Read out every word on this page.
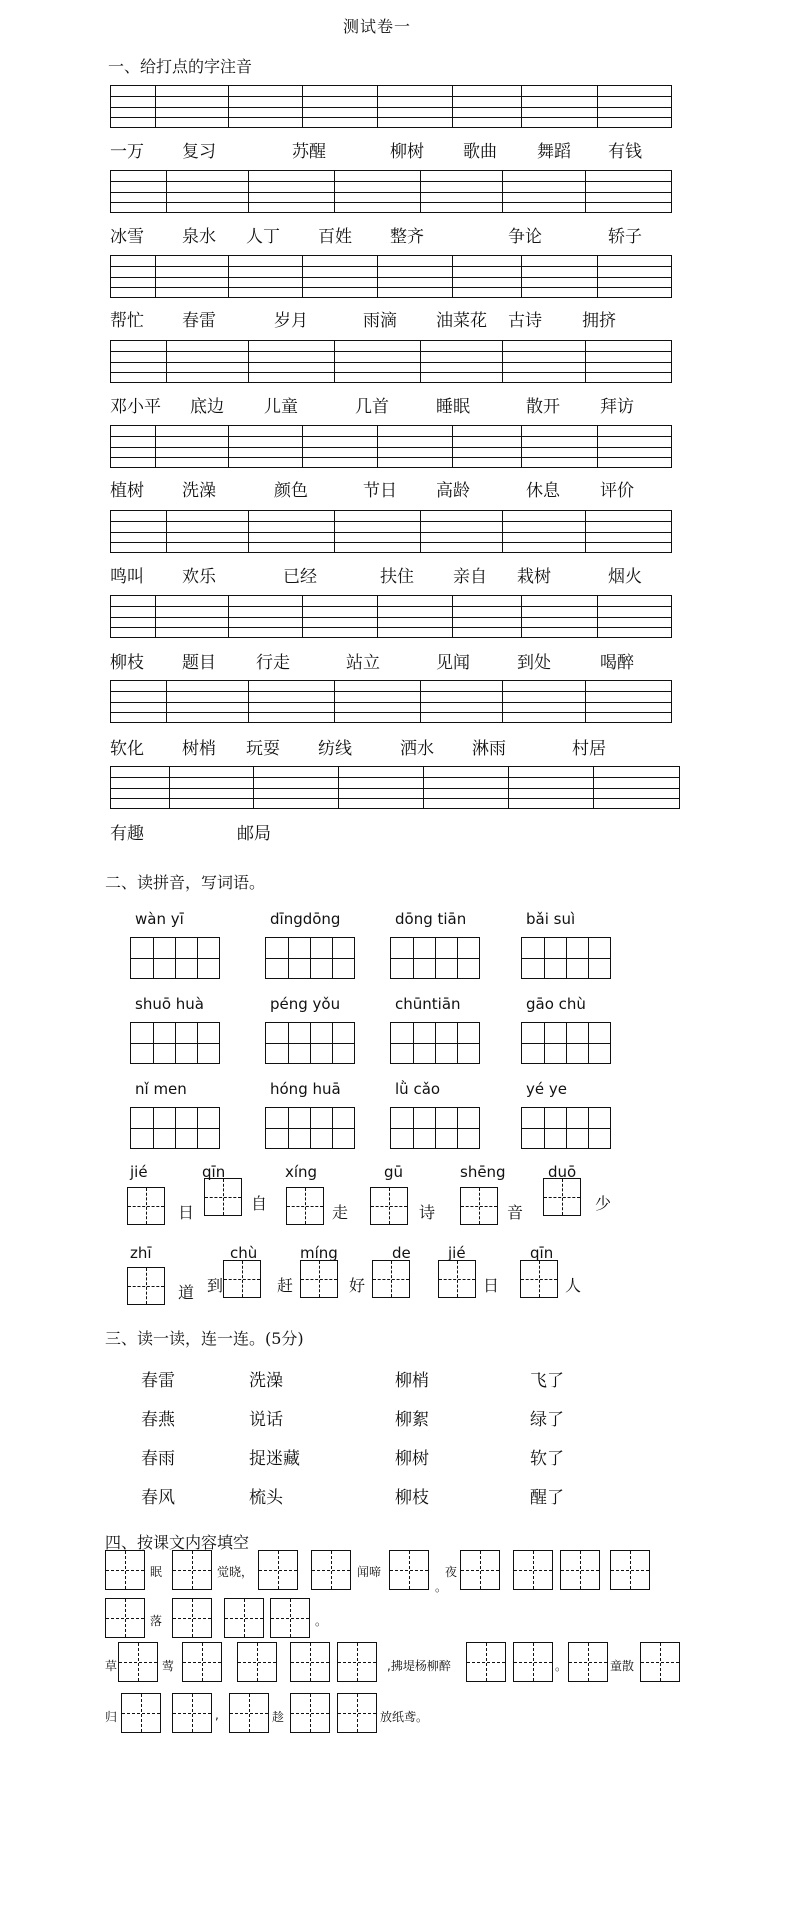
测试卷一
一、给打点的字注音
一万 复习	苏醒	柳树 歌曲 舞蹈 有钱
冰雪 泉水 人丁 百姓 整齐	争论	轿子
帮忙 春雷	岁月	雨滴 油菜花 古诗 拥挤
邓小平 底边 儿童	几首	睡眠	散开 拜访
植树 洗澡	颜色	节日 高龄	休息 评价
鸣叫 欢乐	已经	扶住 亲自 栽树	烟火
柳枝 题目 行走	站立	见闻	到处	喝醉
软化 树梢 玩耍 纺线	洒水 淋雨	村居
有趣	邮局
二、读拼音，写词语。
wàn yī	dīngdōng	dōng tiān	bǎi suì
shuō huà	péng yǒu	chūntiān	gāo chù
nǐ men	hóng huā	lǜ cǎo	yé ye
jié	qīn	xíng	gū	shēng	duō
日	自	走	诗	音	少
zhī	chù	míng	de jié	qīn
道 到	赶	好	日	人
三、读一读，连一连。(5分)
春雷	洗澡	柳梢	飞了
春燕	说话	柳絮	绿了
春雨	捉迷藏	柳树	软了
春风	梳头	柳枝	醒了
四、按课文内容填空
眠	觉晓，	闻啼
。
夜
落	。
草	莺	,拂堤杨柳醉	。	童散
归	,	趁	放纸鸢。
